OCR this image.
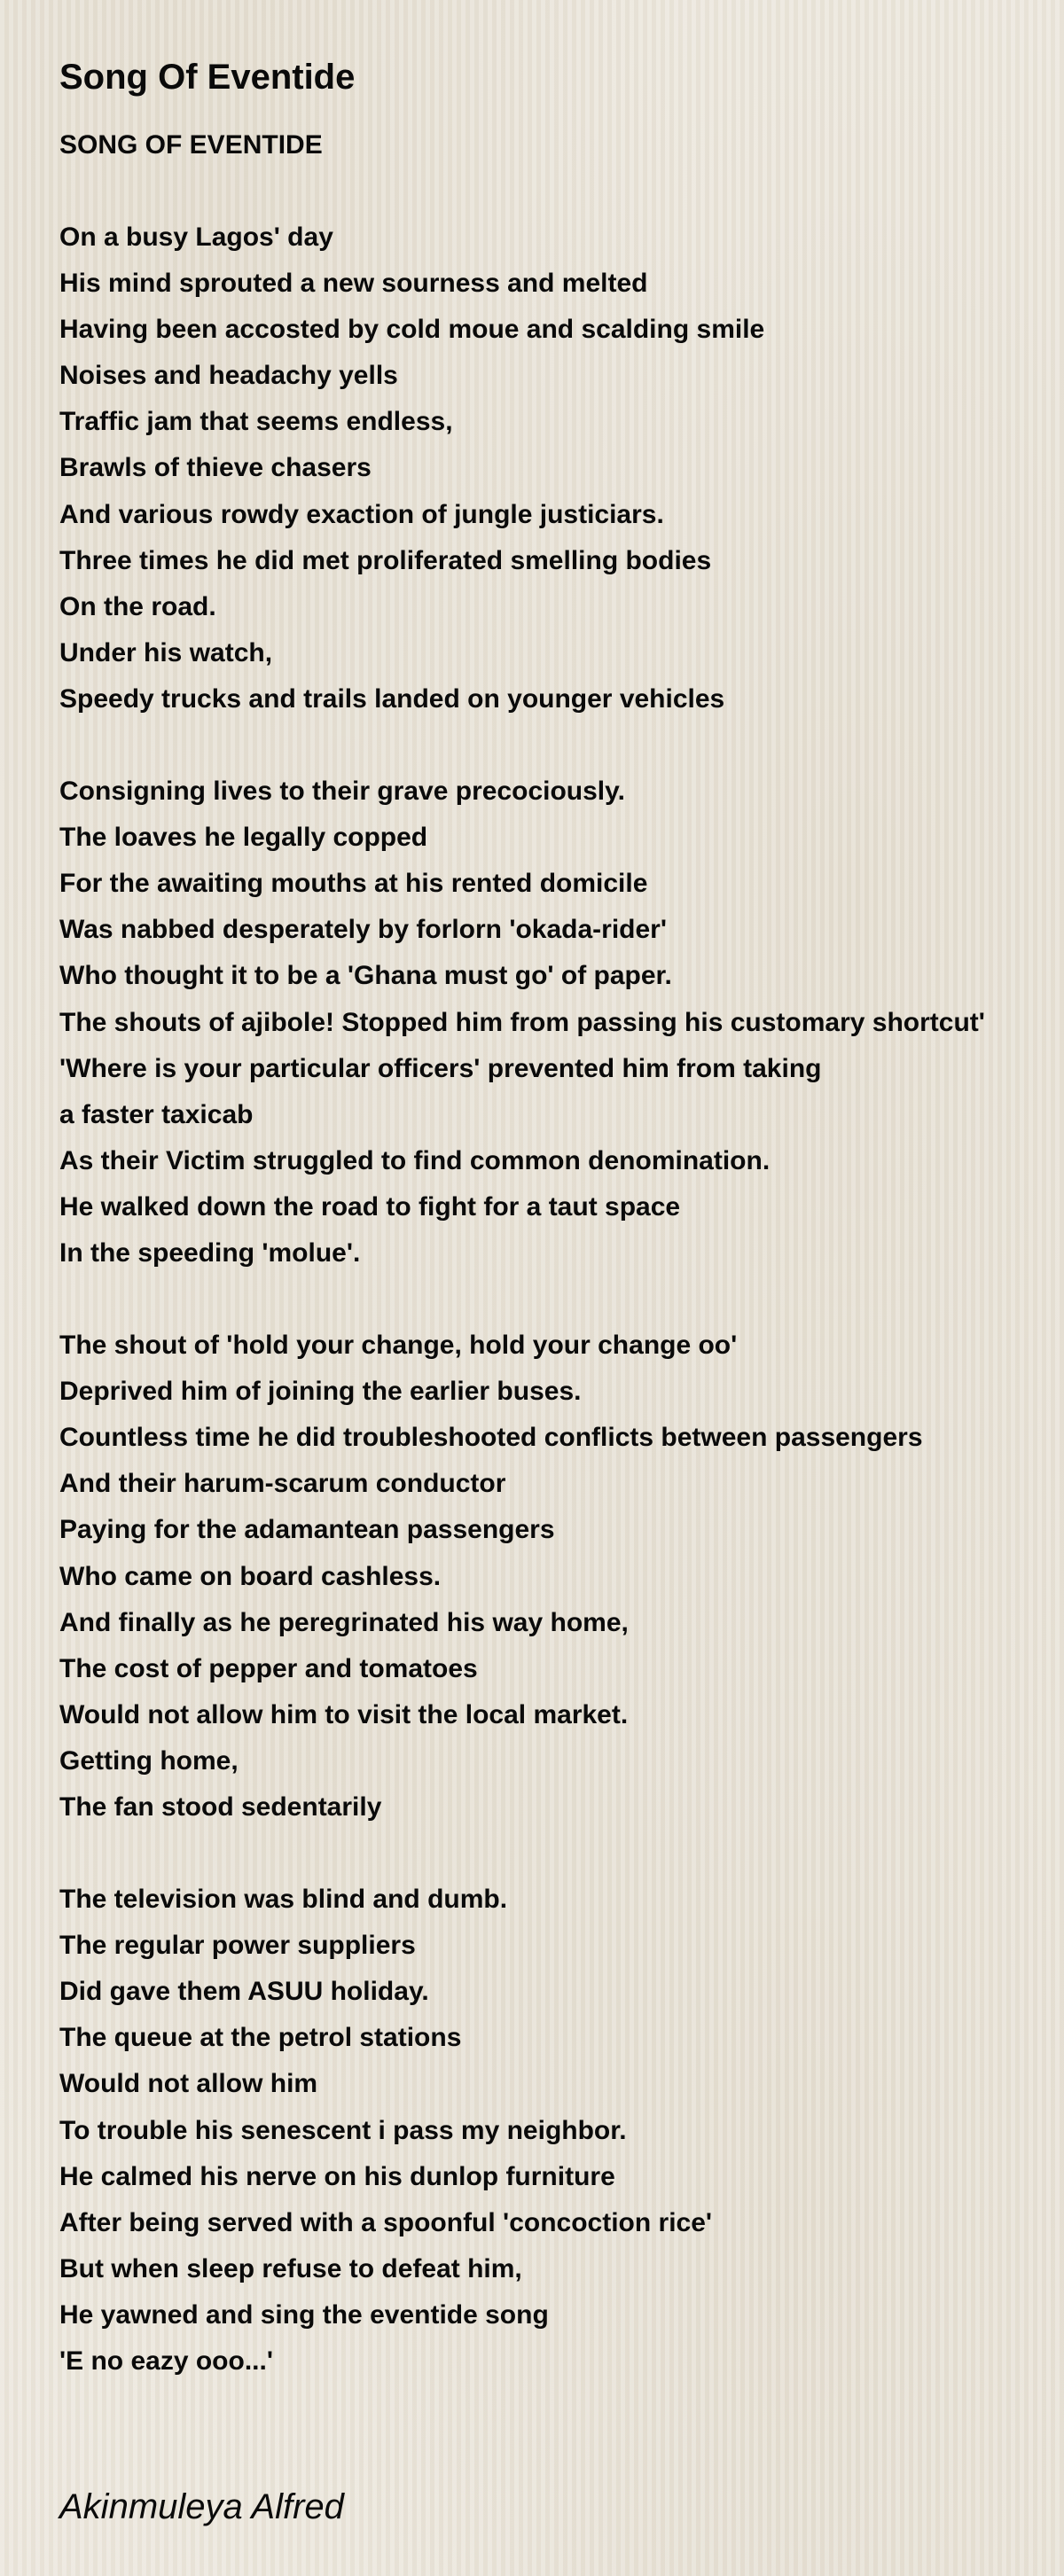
Song Of Eventide
SONG OF EVENTIDE
On a busy Lagos' day
His mind sprouted a new sourness and melted
Having been accosted by cold moue and scalding smile
Noises and headachy yells
Traffic jam that seems endless,
Brawls of thieve chasers
And various rowdy exaction of jungle justiciars.
Three times he did met proliferated smelling bodies
On the road.
Under his watch,
Speedy trucks and trails landed on younger vehicles
Consigning lives to their grave precociously.
The loaves he legally copped
For the awaiting mouths at his rented domicile
Was nabbed desperately by forlorn 'okada-rider'
Who thought it to be a 'Ghana must go' of paper.
The shouts of ajibole! Stopped him from passing his customary shortcut'
'Where is your particular officers' prevented him from taking
a faster taxicab
As their Victim struggled to find common denomination.
He walked down the road to fight for a taut space
In the speeding 'molue'.
The shout of 'hold your change, hold your change oo'
Deprived him of joining the earlier buses.
Countless time he did troubleshooted conflicts between passengers
And their harum-scarum conductor
Paying for the adamantean passengers
Who came on board cashless.
And finally as he peregrinated his way home,
The cost of pepper and tomatoes
Would not allow him to visit the local market.
Getting home,
The fan stood sedentarily
The television was blind and dumb.
The regular power suppliers
Did gave them ASUU holiday.
The queue at the petrol stations
Would not allow him
To trouble his senescent i pass my neighbor.
He calmed his nerve on his dunlop furniture
After being served with a spoonful 'concoction rice'
But when sleep refuse to defeat him,
He yawned and sing the eventide song
'E no eazy ooo...'
Akinmuleya Alfred
